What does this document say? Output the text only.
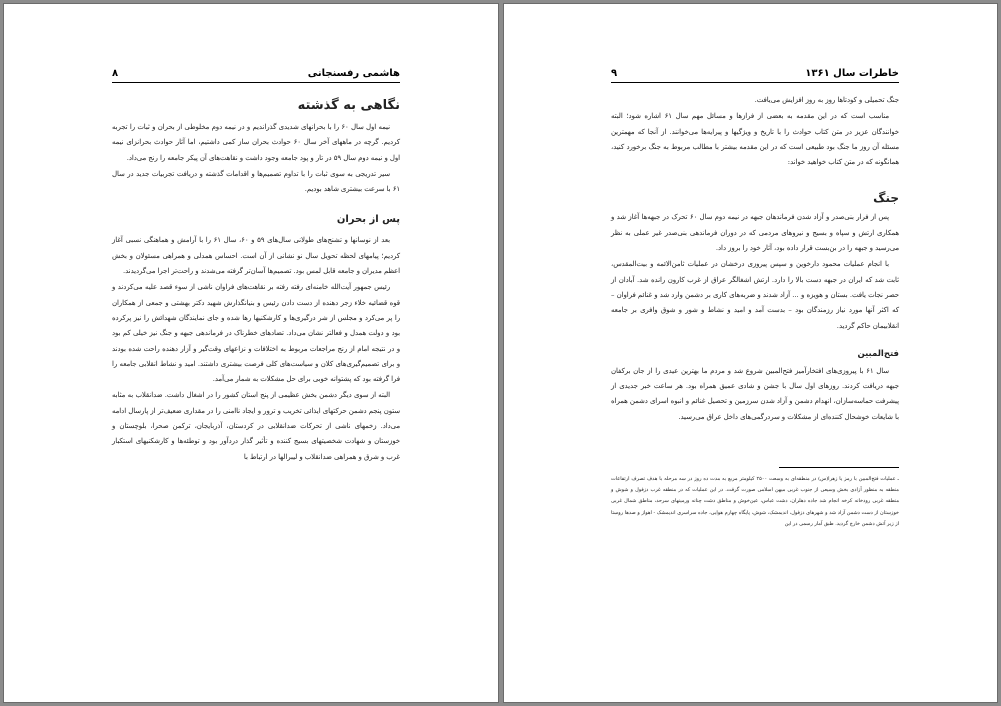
هاشمی رفسنجانی
۸
نگاهی به گذشته

نیمه اول سال ۶۰ را با بحرانهای شدیدی گذراندیم و در نیمه دوم مخلوطی از بحران و ثبات را تجربه کردیم. گرچه در ماههای آخر سال ۶۰ حوادث بحران ساز کمی داشتیم، اما آثار حوادث بحرانزای نیمه اول و نیمه دوم سال ۵۹ در تار و پود جامعه وجود داشت و نقاهت‌های آن پیکر جامعه را رنج می‌داد.

سیر تدریجی به سوی ثبات را با تداوم تصمیم‌ها و اقدامات گذشته و دریافت تجربیات جدید در سال ۶۱ با سرعت بیشتری شاهد بودیم.

پس از بحران

بعد از نوسانها و تشنج‌های طولانی سال‌های ۵۹ و ۶۰، سال ۶۱ را با آرامش و هماهنگی نسبی آغاز کردیم؛ پیامهای لحظه تحویل سال نو نشانی از آن است. احساس همدلی و همراهی مسئولان و بخش اعظم مدیران و جامعه قابل لمس بود. تصمیم‌ها آسان‌تر گرفته می‌شدند و راحت‌تر اجرا می‌گردیدند.

رئیس جمهور آیت‌الله خامنه‌ای رفته رفته بر نقاهت‌های فراوان ناشی از سوء قصد علیه می‌کردند و قوه قضائیه خلاء زجر دهنده از دست دادن رئیس و بنیانگذارش شهید دکتر بهشتی و جمعی از همکاران را پر می‌کرد و مجلس از شر درگیری‌ها و کارشکنیها رها شده و جای نمایندگان شهدائش را نیز پرکرده بود و دولت همدل و فعالتر نشان می‌داد. تضادهای خطرناک در فرماندهی جبهه و جنگ نیز خیلی کم بود و در نتیجه امام از رنج مراجعات مربوط به اختلافات و نزاعهای وقت‌گیر و آزار دهنده راحت شده بودند و برای تصمیم‌گیری‌های کلان و سیاست‌های کلی فرصت بیشتری داشتند. امید و نشاط انقلابی جامعه را فرا گرفته بود که پشتوانه خوبی برای حل مشکلات به شمار می‌آمد.

البته از سوی دیگر دشمن بخش عظیمی از پنج استان کشور را در اشغال داشت. ضدانقلاب به مثابه ستون پنجم دشمن حرکتهای ایذائی تخریب و ترور و ایجاد ناامنی را در مقداری ضعیف‌تر از پارسال ادامه می‌داد. زخمهای ناشی از تحرکات ضدانقلابی در کردستان، آذربایجان، ترکمن صحرا، بلوچستان و خوزستان و شهادت شخصیتهای بسیج کننده و تأثیر گذار دردآور بود و توطئه‌ها و کارشکنیهای استکبار غرب و شرق و همراهی ضدانقلاب و لیبرالها در ارتباط با

خاطرات سال ۱۳۶۱
۹

جنگ تحمیلی و کودتاها روز به روز افزایش می‌یافت.

مناسب است که در این مقدمه به بعضی از فرازها و مسائل مهم سال ۶۱ اشاره شود؛ البته خوانندگان عزیز در متن کتاب حوادث را با تاریخ و ویژگیها و پیرایه‌ها می‌خوانند. از آنجا که مهمترین مسئله آن روز ما جنگ بود طبیعی است که در این مقدمه بیشتر با مطالب مربوط به جنگ برخورد کنید، همانگونه که در متن کتاب خواهید خواند:

جنگ

پس از فرار بنی‌صدر و آزاد شدن فرماندهان جبهه در نیمه دوم سال ۶۰ تحرک در جبهه‌ها آغاز شد و همکاری ارتش و سپاه و بسیج و نیروهای مردمی که در دوران فرماندهی بنی‌صدر غیر عملی به نظر می‌رسید و جبهه را در بن‌بست قرار داده بود، آثار خود را بروز داد.

با انجام عملیات محمود دارخوین و سپس پیروزی درخشان در عملیات ثامن‌الائمه و بیت‌المقدس، ثابت شد که ایران در جبهه دست بالا را دارد. ارتش اشغالگر عراق از غرب کارون رانده شد. آبادان از حصر نجات یافت. بستان و هویزه و ... آزاد شدند و ضربه‌های کاری بر دشمن وارد شد و غنائم فراوان – که اکثر آنها مورد نیاز رزمندگان بود – بدست آمد و امید و نشاط و شور و شوق وافری بر جامعه انقلابیمان حاکم گردید.

فتح‌المبین

سال ۶۱ با پیروزی‌های افتخارآمیز فتح‌المبین شروع شد و مردم ما بهترین عیدی را از جان برکفان جبهه دریافت کردند. روزهای اول سال با جشن و شادی عمیق همراه بود. هر ساعت خبر جدیدی از پیشرفت حماسه‌سازان، انهدام دشمن و آزاد شدن سرزمین و تحصیل غنائم و انبوه اسرای دشمن همراه با شایعات خوشحال کننده‌ای از مشکلات و سردرگمی‌های داخل عراق می‌رسید.

ـ عملیات فتح‌المبین با رمز یا زهرا(س) در منطقه‌ای به وسعت ۲۵۰۰ کیلومتر مربع به مدت ده روز در سه مرحله با هدف تصرف ارتفاعات منطقه به منظور آزادی بخش وسیعی از جنوب غربی میهن اسلامی صورت گرفت. در این عملیات که در منطقه غرب دزفول و شوش و منطقه غربی رودخانه کرخه انجام شد جاده دهلران، دشت عباس، عین‌خوش و مناطق دشت چنانه ورمینهای سرحد، مناطق شمال غربی خوزستان از دست دشمن آزاد شد و شهرهای دزفول، اندیمشک، شوش، پایگاه چهارم هوایی، جاده سراسری اندیمشک - اهواز و صدها روستا از زیر آتش دشمن خارج گردید. طبق آمار رسمی در این
